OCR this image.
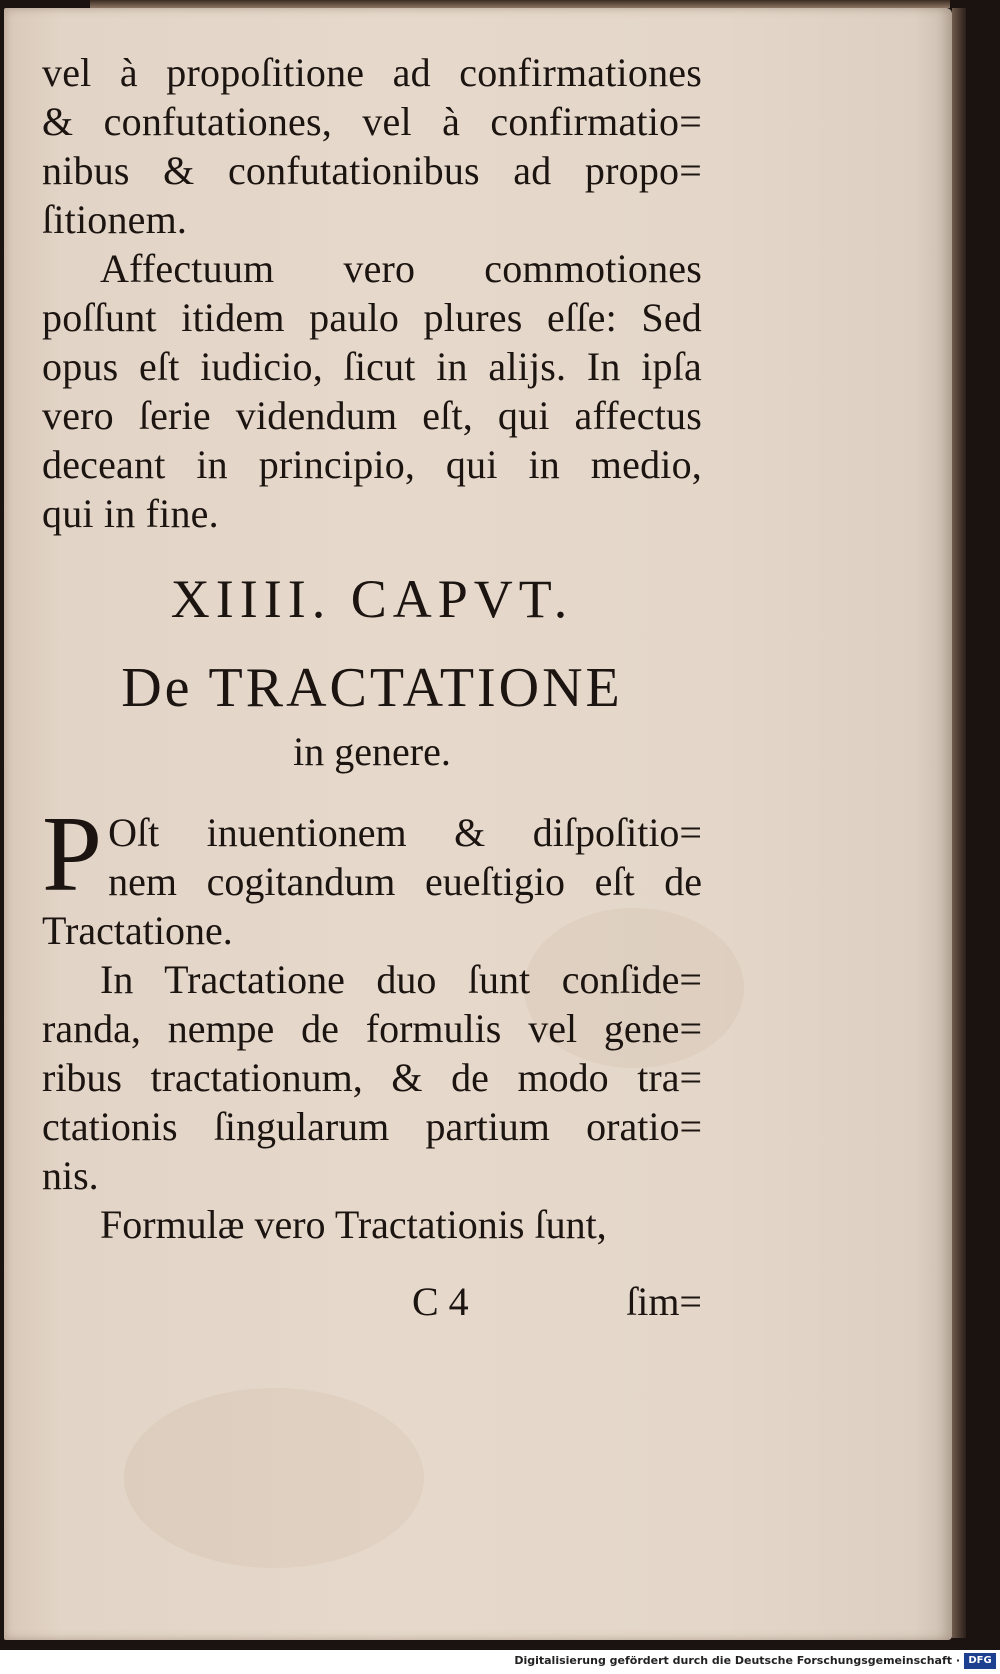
vel à propoſitione ad confirmationes
& confutationes, vel à confirmatio=
nibus & confutationibus ad propo=
ſitionem.
Affectuum vero commotiones
poſſunt itidem paulo plures eſſe: Sed
opus eſt iudicio, ſicut in alijs. In ipſa
vero ſerie videndum eſt, qui affectus
deceant in principio, qui in medio,
qui in fine.
XIIII. CAPVT.
De TRACTATIONE
in genere.
P Oſt inuentionem & diſpoſitio=
nem cogitandum eueſtigio eſt de
Tractatione.
In Tractatione duo ſunt conſide=
randa, nempe de formulis vel gene=
ribus tractationum, & de modo tra=
ctationis ſingularum partium oratio=
nis.
Formulæ vero Tractationis ſunt,
C 4	ſim=
Digitalisierung gefördert durch die Deutsche Forschungsgemeinschaft · DFG
